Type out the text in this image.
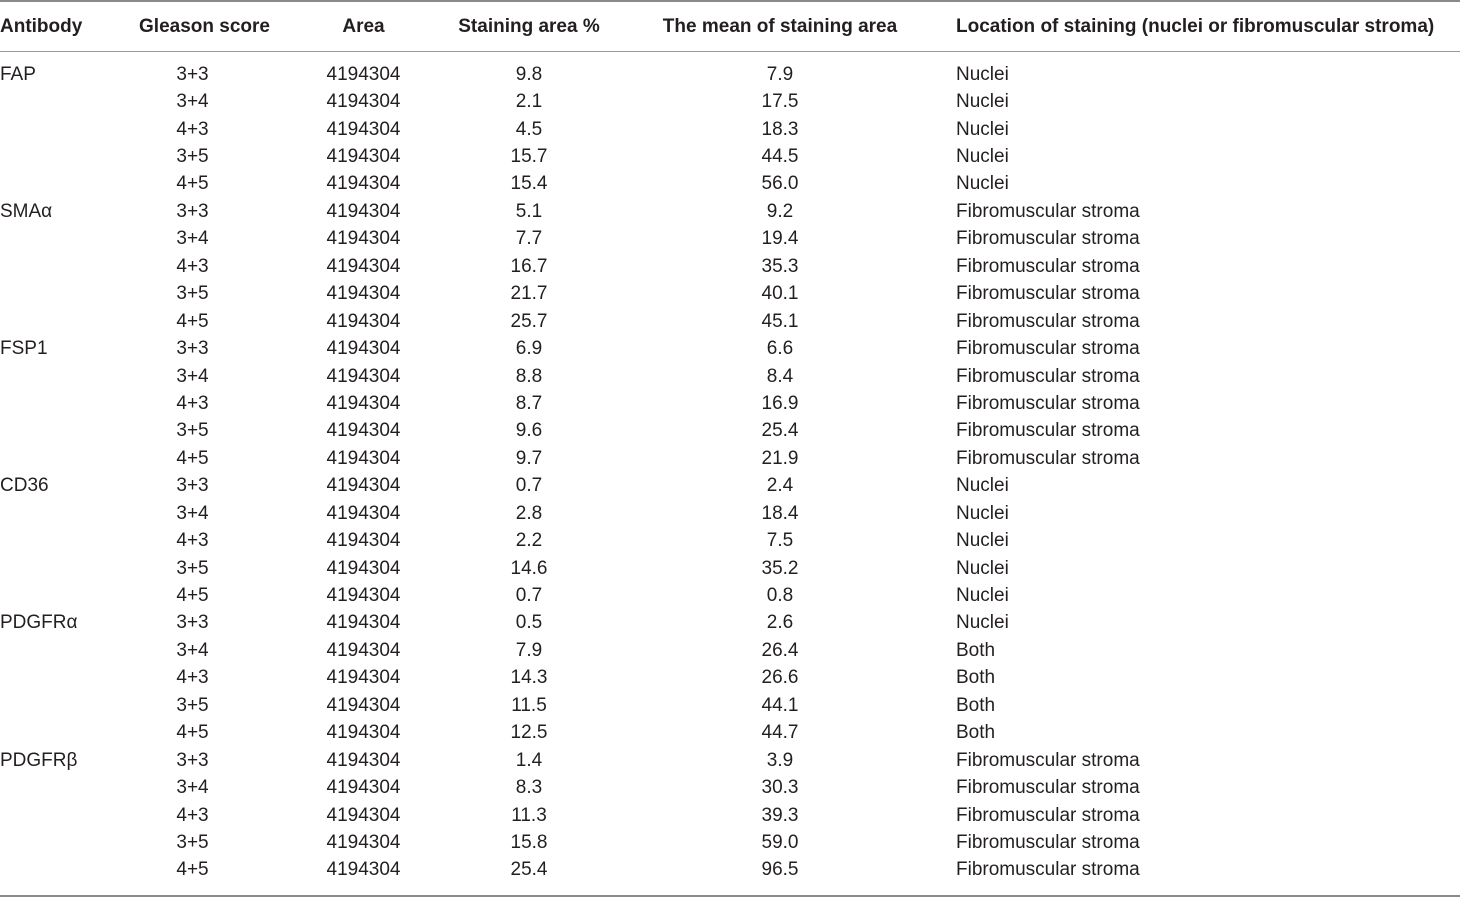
Antibody	Gleason score	Area	Staining area %	The mean of staining area	Location of staining (nuclei or fibromuscular stroma)
FAP	3+3	4194304	9.8	7.9	Nuclei
	3+4	4194304	2.1	17.5	Nuclei
	4+3	4194304	4.5	18.3	Nuclei
	3+5	4194304	15.7	44.5	Nuclei
	4+5	4194304	15.4	56.0	Nuclei
SMAα	3+3	4194304	5.1	9.2	Fibromuscular stroma
	3+4	4194304	7.7	19.4	Fibromuscular stroma
	4+3	4194304	16.7	35.3	Fibromuscular stroma
	3+5	4194304	21.7	40.1	Fibromuscular stroma
	4+5	4194304	25.7	45.1	Fibromuscular stroma
FSP1	3+3	4194304	6.9	6.6	Fibromuscular stroma
	3+4	4194304	8.8	8.4	Fibromuscular stroma
	4+3	4194304	8.7	16.9	Fibromuscular stroma
	3+5	4194304	9.6	25.4	Fibromuscular stroma
	4+5	4194304	9.7	21.9	Fibromuscular stroma
CD36	3+3	4194304	0.7	2.4	Nuclei
	3+4	4194304	2.8	18.4	Nuclei
	4+3	4194304	2.2	7.5	Nuclei
	3+5	4194304	14.6	35.2	Nuclei
	4+5	4194304	0.7	0.8	Nuclei
PDGFRα	3+3	4194304	0.5	2.6	Nuclei
	3+4	4194304	7.9	26.4	Both
	4+3	4194304	14.3	26.6	Both
	3+5	4194304	11.5	44.1	Both
	4+5	4194304	12.5	44.7	Both
PDGFRβ	3+3	4194304	1.4	3.9	Fibromuscular stroma
	3+4	4194304	8.3	30.3	Fibromuscular stroma
	4+3	4194304	11.3	39.3	Fibromuscular stroma
	3+5	4194304	15.8	59.0	Fibromuscular stroma
	4+5	4194304	25.4	96.5	Fibromuscular stroma
